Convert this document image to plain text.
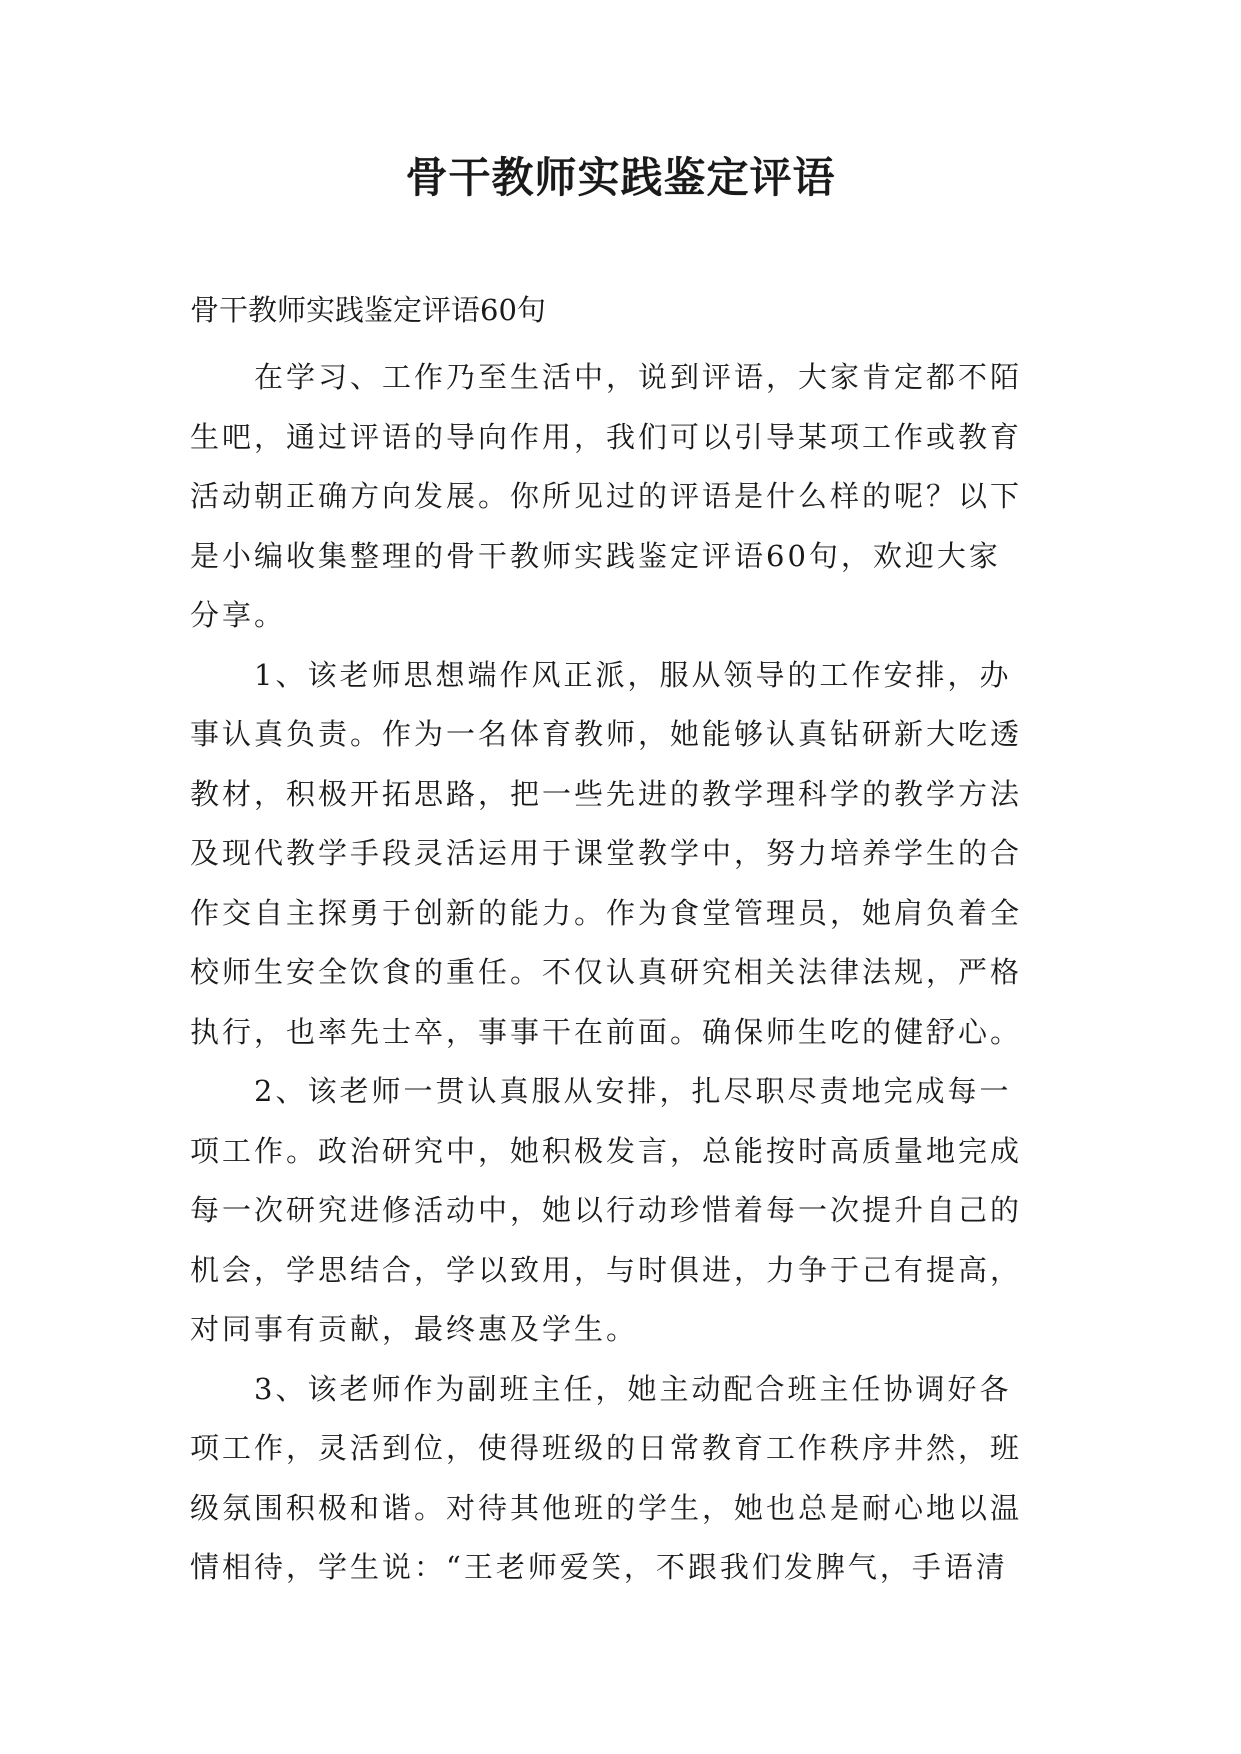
骨干教师实践鉴定评语

骨干教师实践鉴定评语60句

　　在学习、工作乃至生活中，说到评语，大家肯定都不陌
生吧，通过评语的导向作用，我们可以引导某项工作或教育
活动朝正确方向发展。你所见过的评语是什么样的呢？以下
是小编收集整理的骨干教师实践鉴定评语60句，欢迎大家
分享。

　　1、该老师思想端作风正派，服从领导的工作安排，办
事认真负责。作为一名体育教师，她能够认真钻研新大吃透
教材，积极开拓思路，把一些先进的教学理科学的教学方法
及现代教学手段灵活运用于课堂教学中，努力培养学生的合
作交自主探勇于创新的能力。作为食堂管理员，她肩负着全
校师生安全饮食的重任。不仅认真研究相关法律法规，严格
执行，也率先士卒，事事干在前面。确保师生吃的健舒心。

　　2、该老师一贯认真服从安排，扎尽职尽责地完成每一
项工作。政治研究中，她积极发言，总能按时高质量地完成
每一次研究进修活动中，她以行动珍惜着每一次提升自己的
机会，学思结合，学以致用，与时俱进，力争于己有提高，
对同事有贡献，最终惠及学生。

　　3、该老师作为副班主任，她主动配合班主任协调好各
项工作，灵活到位，使得班级的日常教育工作秩序井然，班
级氛围积极和谐。对待其他班的学生，她也总是耐心地以温
情相待，学生说：“王老师爱笑，不跟我们发脾气，手语清
